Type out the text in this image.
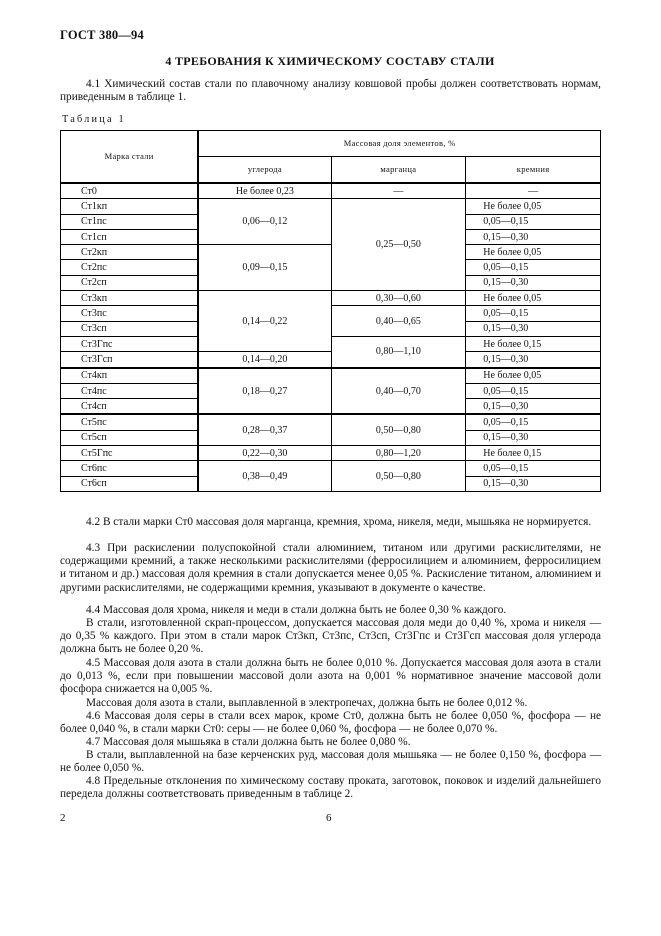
ГОСТ 380—94
4 ТРЕБОВАНИЯ К ХИМИЧЕСКОМУ СОСТАВУ СТАЛИ
4.1 Химический состав стали по плавочному анализу ковшовой пробы должен соответствовать нормам, приведенным в таблице 1.
Таблица 1
Марка стали	Массовая доля элементов, %		
	углерода	марганца	кремния
Ст0	Не более 0,23	—	—
Ст1кп	0,06—0,12	0,25—0,50	Не более 0,05
Ст1пс			0,05—0,15
Ст1сп			0,15—0,30
Ст2кп	0,09—0,15		Не более 0,05
Ст2пс			0,05—0,15
Ст2сп			0,15—0,30
Ст3кп	0,14—0,22	0,30—0,60	Не более 0,05
Ст3пс		0,40—0,65	0,05—0,15
Ст3сп			0,15—0,30
Ст3Гпс		0,80—1,10	Не более 0,15
Ст3Гсп	0,14—0,20		0,15—0,30
Ст4кп	0,18—0,27	0,40—0,70	Не более 0,05
Ст4пс			0,05—0,15
Ст4сп			0,15—0,30
Ст5пс	0,28—0,37	0,50—0,80	0,05—0,15
Ст5сп			0,15—0,30
Ст5Гпс	0,22—0,30	0,80—1,20	Не более 0,15
Ст6пс	0,38—0,49	0,50—0,80	0,05—0,15
Ст6сп			0,15—0,30
4.2 В стали марки Ст0 массовая доля марганца, кремния, хрома, никеля, меди, мышьяка не нормируется.
4.3 При раскислении полуспокойной стали алюминием, титаном или другими раскислителями, не содержащими кремний, а также несколькими раскислителями (ферросилицием и алюминием, ферросилицием и титаном и др.) массовая доля кремния в стали допускается менее 0,05 %. Раскисление титаном, алюминием и другими раскислителями, не содержащими кремния, указывают в документе о качестве.
4.4 Массовая доля хрома, никеля и меди в стали должна быть не более 0,30 % каждого.
В стали, изготовленной скрап-процессом, допускается массовая доля меди до 0,40 %, хрома и никеля — до 0,35 % каждого. При этом в стали марок Ст3кп, Ст3пс, Ст3сп, Ст3Гпс и Ст3Гсп массовая доля углерода должна быть не более 0,20 %.
4.5 Массовая доля азота в стали должна быть не более 0,010 %. Допускается массовая доля азота в стали до 0,013 %, если при повышении массовой доли азота на 0,001 % нормативное значение массовой доли фосфора снижается на 0,005 %.
Массовая доля азота в стали, выплавленной в электропечах, должна быть не более 0,012 %.
4.6 Массовая доля серы в стали всех марок, кроме Ст0, должна быть не более 0,050 %, фосфора — не более 0,040 %, в стали марки Ст0: серы — не более 0,060 %, фосфора — не более 0,070 %.
4.7 Массовая доля мышьяка в стали должна быть не более 0,080 %.
В стали, выплавленной на базе керченских руд, массовая доля мышьяка — не более 0,150 %, фосфора — не более 0,050 %.
4.8 Предельные отклонения по химическому составу проката, заготовок, поковок и изделий дальнейшего передела должны соответствовать приведенным в таблице 2.
2	6
